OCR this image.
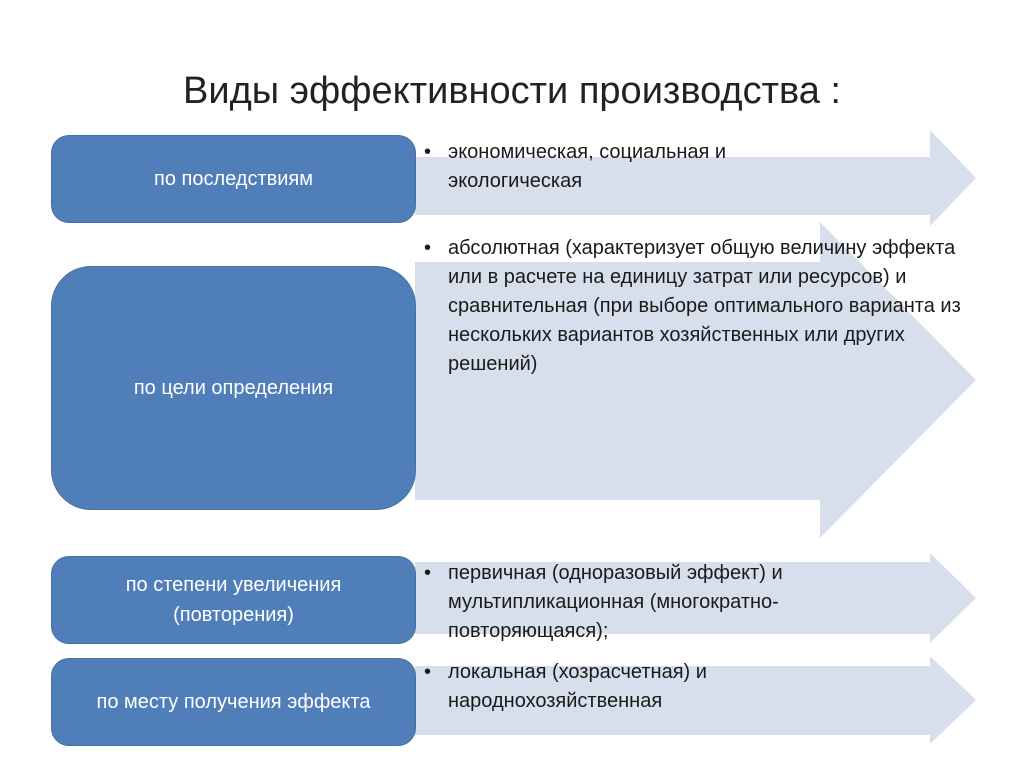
Виды эффективности производства :
по последствиям
по цели определения
по степени увеличения
(повторения)
по месту получения эффекта
• экономическая, социальная и экологическая
• абсолютная (характеризует общую величину эффекта или в расчете на единицу затрат или ресурсов) и сравнительная (при выборе оптимального варианта из нескольких вариантов хозяйственных или других решений)
• первичная (одноразовый эффект) и мультипликационная (многократно-повторяющаяся);
• локальная (хозрасчетная) и народнохозяйственная
